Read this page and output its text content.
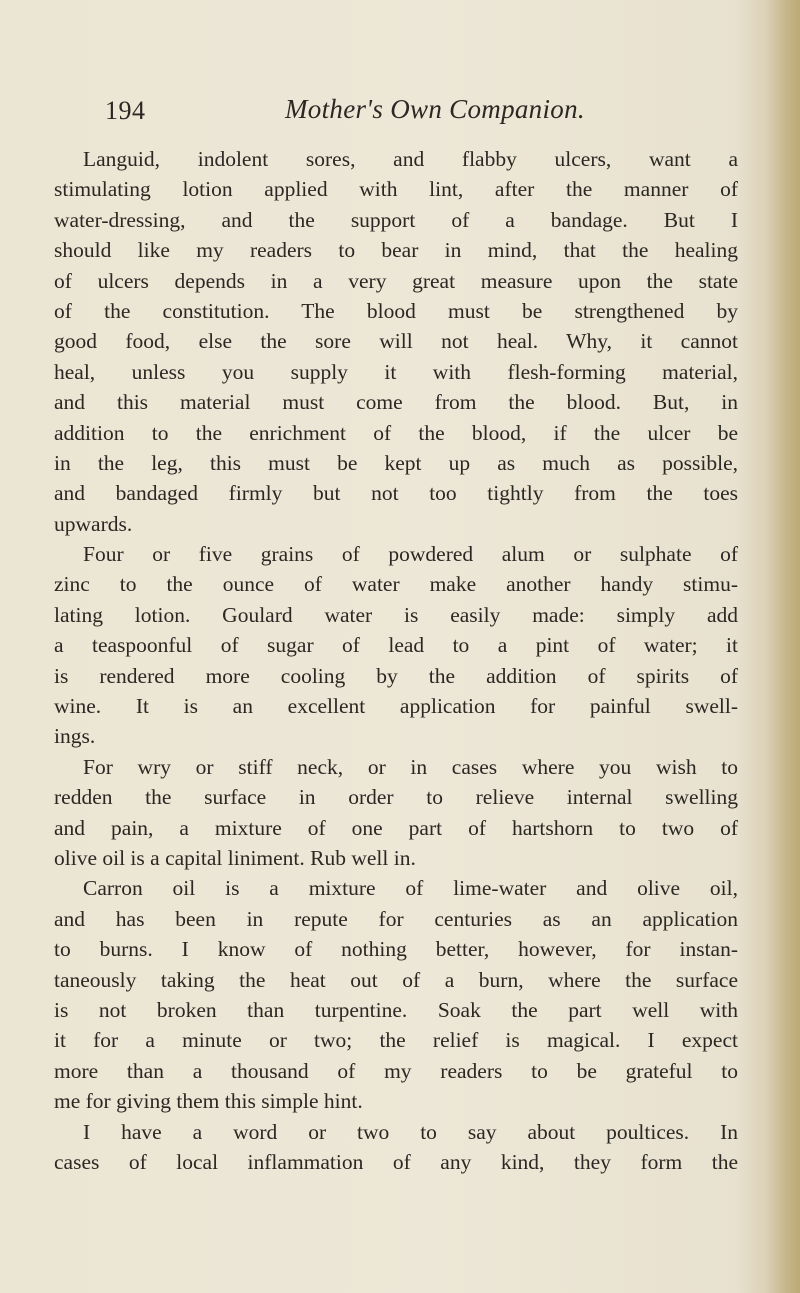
194	Mother's Own Companion.
Languid, indolent sores, and flabby ulcers, want a
stimulating lotion applied with lint, after the manner of
water-dressing, and the support of a bandage. But I
should like my readers to bear in mind, that the healing
of ulcers depends in a very great measure upon the state
of the constitution. The blood must be strengthened by
good food, else the sore will not heal. Why, it cannot
heal, unless you supply it with flesh-forming material,
and this material must come from the blood. But, in
addition to the enrichment of the blood, if the ulcer be
in the leg, this must be kept up as much as possible,
and bandaged firmly but not too tightly from the toes
upwards.
Four or five grains of powdered alum or sulphate of
zinc to the ounce of water make another handy stimu-
lating lotion. Goulard water is easily made: simply add
a teaspoonful of sugar of lead to a pint of water; it
is rendered more cooling by the addition of spirits of
wine. It is an excellent application for painful swell-
ings.
For wry or stiff neck, or in cases where you wish to
redden the surface in order to relieve internal swelling
and pain, a mixture of one part of hartshorn to two of
olive oil is a capital liniment. Rub well in.
Carron oil is a mixture of lime-water and olive oil,
and has been in repute for centuries as an application
to burns. I know of nothing better, however, for instan-
taneously taking the heat out of a burn, where the surface
is not broken than turpentine. Soak the part well with
it for a minute or two; the relief is magical. I expect
more than a thousand of my readers to be grateful to
me for giving them this simple hint.
I have a word or two to say about poultices. In
cases of local inflammation of any kind, they form the
